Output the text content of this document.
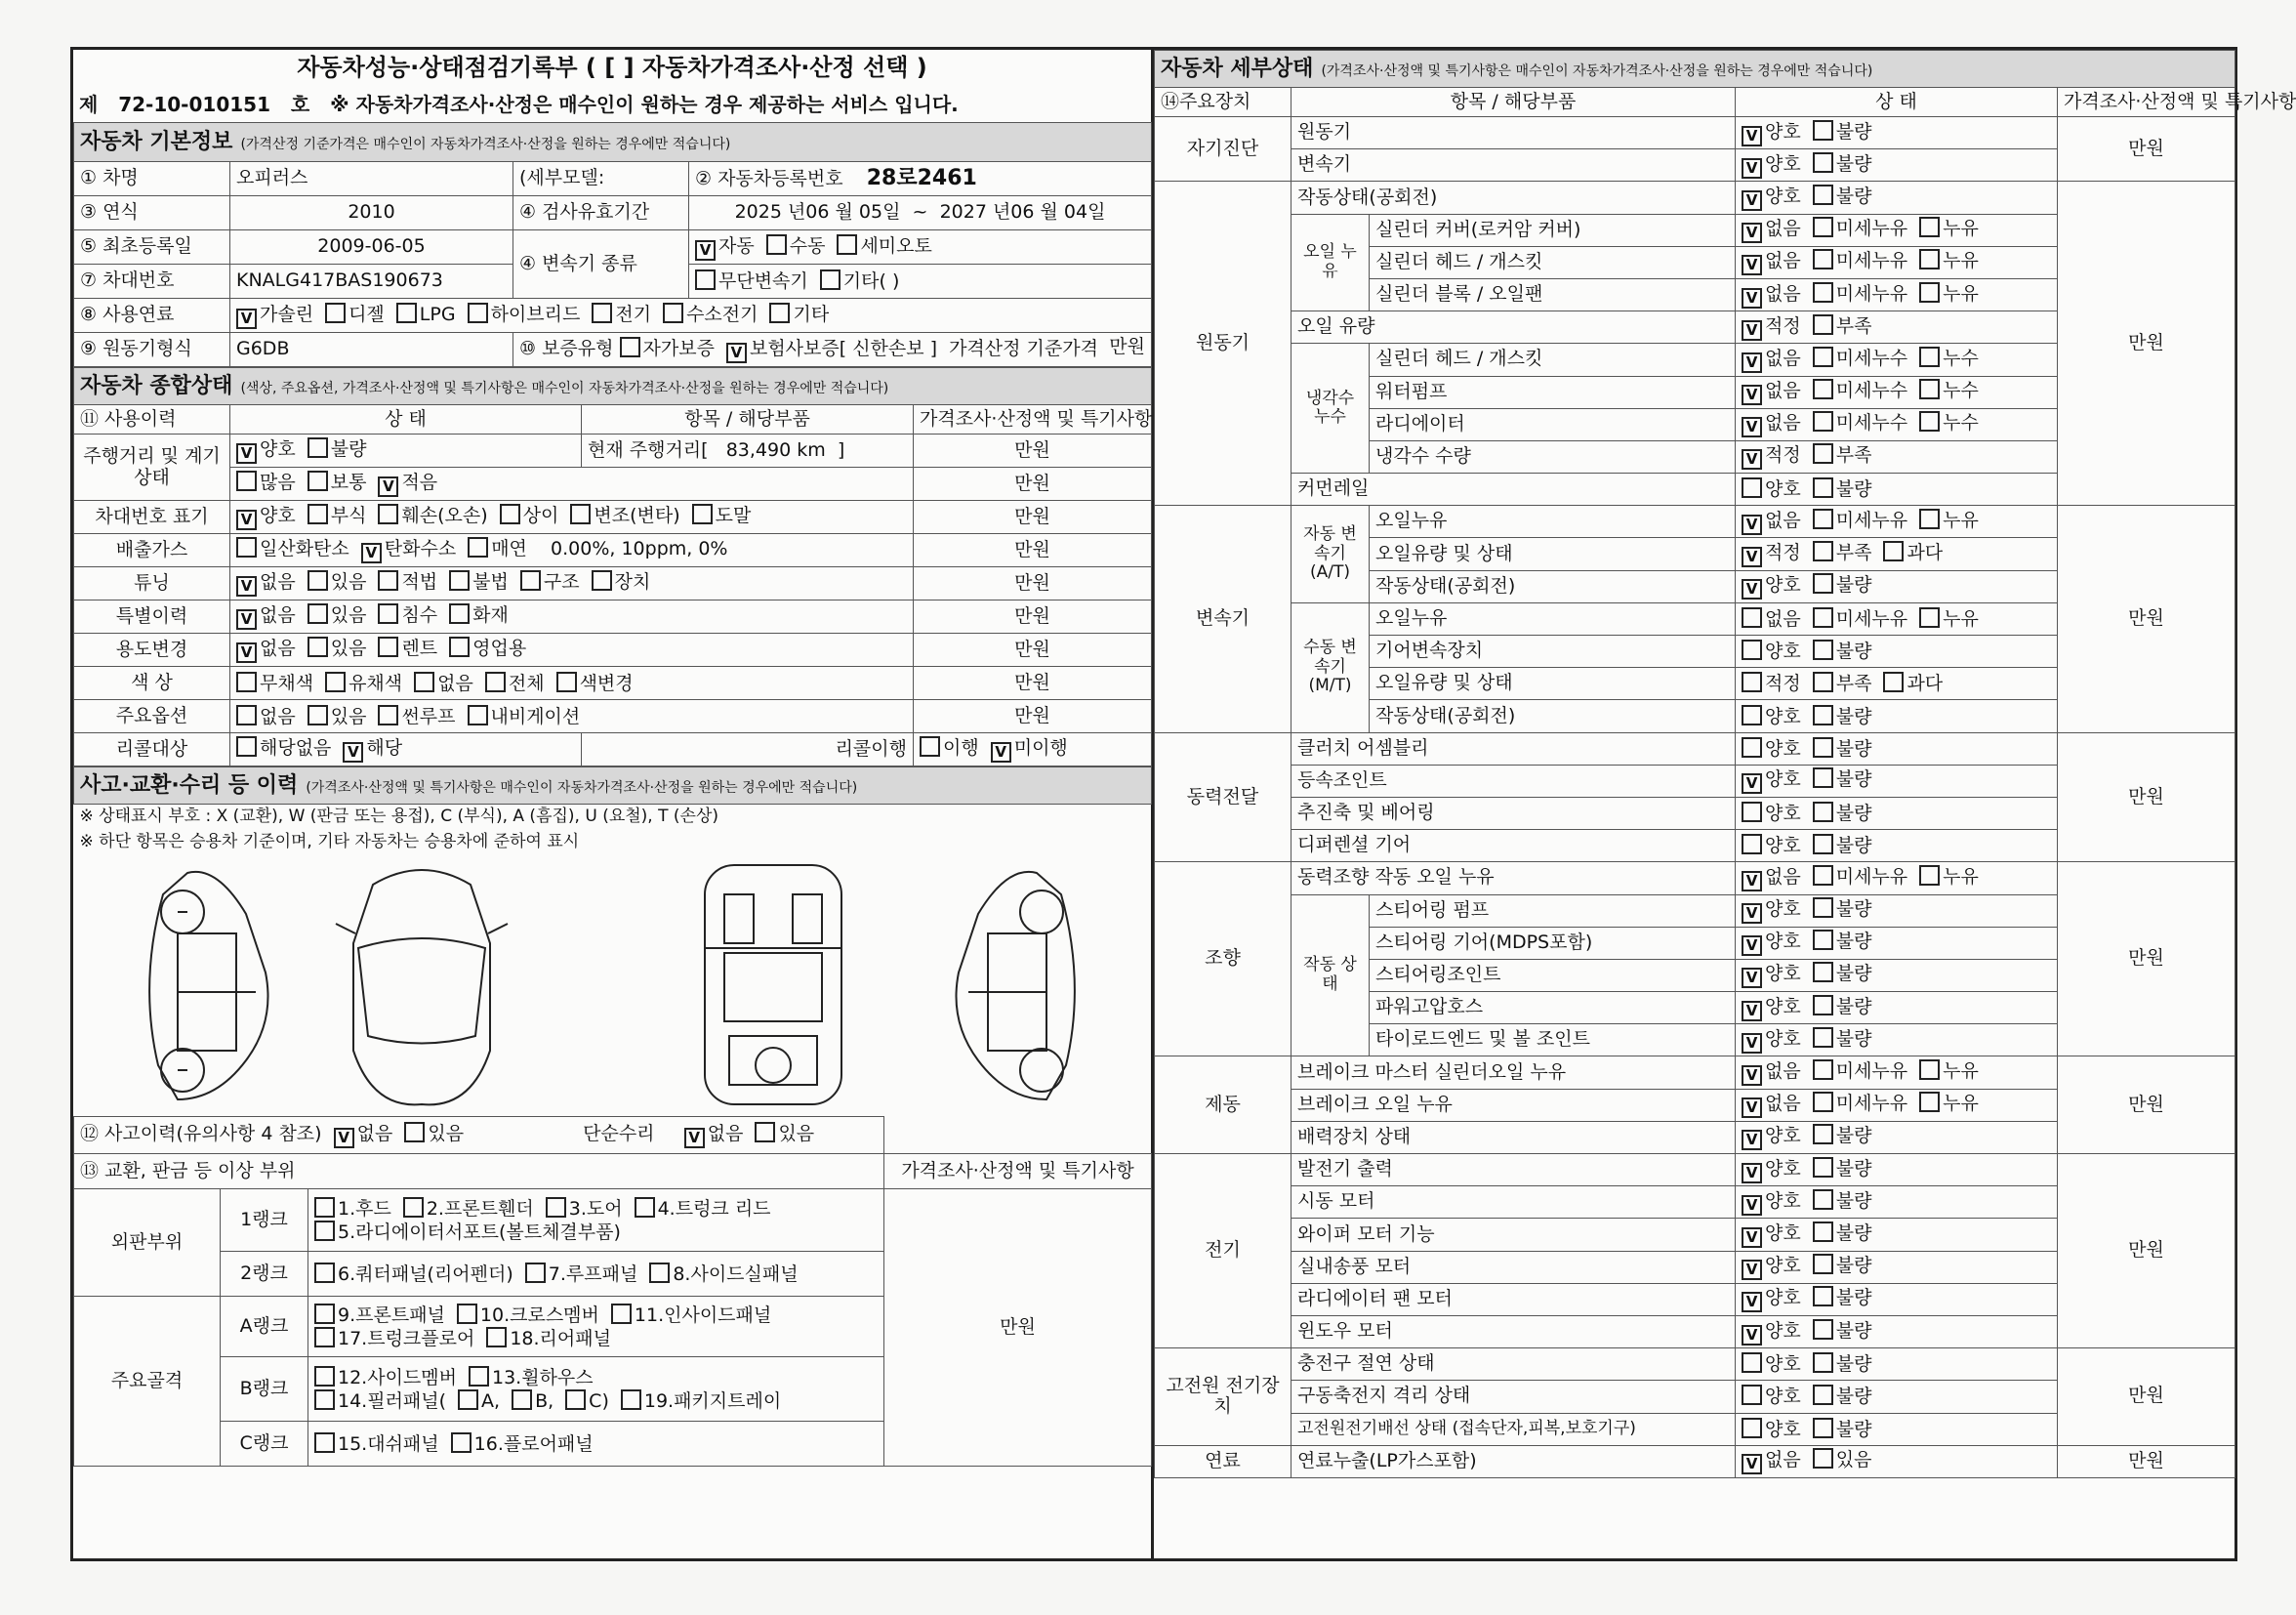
자동차성능·상태점검기록부 ( [ ] 자동차가격조사·산정 선택 )
제 72-10-010151 호 ※ 자동차가격조사·산정은 매수인이 원하는 경우 제공하는 서비스 입니다.
자동차 기본정보 (가격산정 기준가격은 매수인이 자동차가격조사·산정을 원하는 경우에만 적습니다)			
① 차명	오피러스	(세부모델:	② 자동차등록번호 28로2461
③ 연식	2010	④ 검사유효기간	2025 년06 월 05일 ~ 2027 년06 월 04일
⑤ 최초등록일	2009-06-05	④ 변속기 종류	V 자동 수동 세미오토
⑦ 차대번호	KNALG417BAS190673		무단변속기 기타( )
⑧ 사용연료	V 가솔린 디젤 LPG 하이브리드 전기 수소전기 기타		
⑨ 원동기형식	G6DB	⑩ 보증유형 자가보증 V 보험사보증[ 신한손보 ] 가격산정 기준가격 만원	
자동차 종합상태 (색상, 주요옵션, 가격조사·산정액 및 특기사항은 매수인이 자동차가격조사·산정을 원하는 경우에만 적습니다)			
⑪ 사용이력	상 태	항목 / 해당부품	가격조사·산정액 및 특기사항
주행거리 및 계기상태	V 양호 불량	현재 주행거리[ 83,490 km ]	만원
	많음 보통 V 적음		만원
차대번호 표기	V 양호 부식 훼손(오손) 상이 변조(변타) 도말		만원
배출가스	일산화탄소 V 탄화수소 매연 0.00%, 10ppm, 0%		만원
튜닝	V 없음 있음 적법 불법 구조 장치		만원
특별이력	V 없음 있음 침수 화재		만원
용도변경	V 없음 있음 렌트 영업용		만원
색 상	무채색 유채색 없음 전체 색변경		만원
주요옵션	없음 있음 썬루프 내비게이션		만원
리콜대상	해당없음 V 해당	리콜이행	이행 V 미이행
사고·교환·수리 등 이력 (가격조사·산정액 및 특기사항은 매수인이 자동차가격조사·산정을 원하는 경우에만 적습니다)			
※ 상태표시 부호 : X (교환), W (판금 또는 용접), C (부식), A (흠집), U (요철), T (손상)			
※ 하단 항목은 승용차 기준이며, 기타 자동차는 승용차에 준하여 표시			

⑫ 사고이력(유의사항 4 참조) V 없음 있음 단순수리 V 없음 있음			
⑬ 교환, 판금 등 이상 부위			가격조사·산정액 및 특기사항
외판부위	1랭크	1.후드 2.프론트휀더 3.도어 4.트렁크 리드
5.라디에이터서포트(볼트체결부품)	만원
	2랭크	6.쿼터패널(리어펜더) 7.루프패널 8.사이드실패널	
주요골격	A랭크	9.프론트패널 10.크로스멤버 11.인사이드패널
17.트렁크플로어 18.리어패널	

	B랭크	12.사이드멤버 13.휠하우스
14.필러패널( A, B, C) 19.패키지트레이	

	C랭크	15.대쉬패널 16.플로어패널	
자동차 세부상태 (가격조사·산정액 및 특기사항은 매수인이 자동차가격조사·산정을 원하는 경우에만 적습니다)				
⑭주요장치	항목 / 해당부품		상 태	가격조사·산정액 및 특기사항
자기진단	원동기		V 양호 불량	만원
	변속기		V 양호 불량	
원동기	작동상태(공회전)		V 양호 불량	만원
	오일 누유	실린더 커버(로커암 커버)	V 없음 미세누유 누유	
		실린더 헤드 / 개스킷	V 없음 미세누유 누유	
		실린더 블록 / 오일팬	V 없음 미세누유 누유	
	오일 유량		V 적정 부족	
	냉각수 누수	실린더 헤드 / 개스킷	V 없음 미세누수 누수	
		워터펌프	V 없음 미세누수 누수	
		라디에이터	V 없음 미세누수 누수	
		냉각수 수량	V 적정 부족	
	커먼레일		양호 불량	
변속기	자동 변속기 (A/T)	오일누유	V 없음 미세누유 누유	만원
		오일유량 및 상태	V 적정 부족 과다	
		작동상태(공회전)	V 양호 불량	
	수동 변속기 (M/T)	오일누유	없음 미세누유 누유	
		기어변속장치	양호 불량	
		오일유량 및 상태	적정 부족 과다	
		작동상태(공회전)	양호 불량	
동력전달	클러치 어셈블리		양호 불량	만원
	등속조인트		V 양호 불량	
	추진축 및 베어링		양호 불량	
	디퍼렌셜 기어		양호 불량	
조향	동력조향 작동 오일 누유		V 없음 미세누유 누유	만원
	작동 상태	스티어링 펌프	V 양호 불량	
		스티어링 기어(MDPS포함)	V 양호 불량	
		스티어링조인트	V 양호 불량	
		파워고압호스	V 양호 불량	
		타이로드엔드 및 볼 조인트	V 양호 불량	
제동	브레이크 마스터 실린더오일 누유		V 없음 미세누유 누유	만원
	브레이크 오일 누유		V 없음 미세누유 누유	
	배력장치 상태		V 양호 불량	
전기	발전기 출력		V 양호 불량	만원
	시동 모터		V 양호 불량	
	와이퍼 모터 기능		V 양호 불량	
	실내송풍 모터		V 양호 불량	
	라디에이터 팬 모터		V 양호 불량	
	윈도우 모터		V 양호 불량	
고전원 전기장치	충전구 절연 상태		양호 불량	만원
	구동축전지 격리 상태		양호 불량	
	고전원전기배선 상태 (접속단자,피복,보호기구)		양호 불량	
연료	연료누출(LP가스포함)		V 없음 있음	만원
